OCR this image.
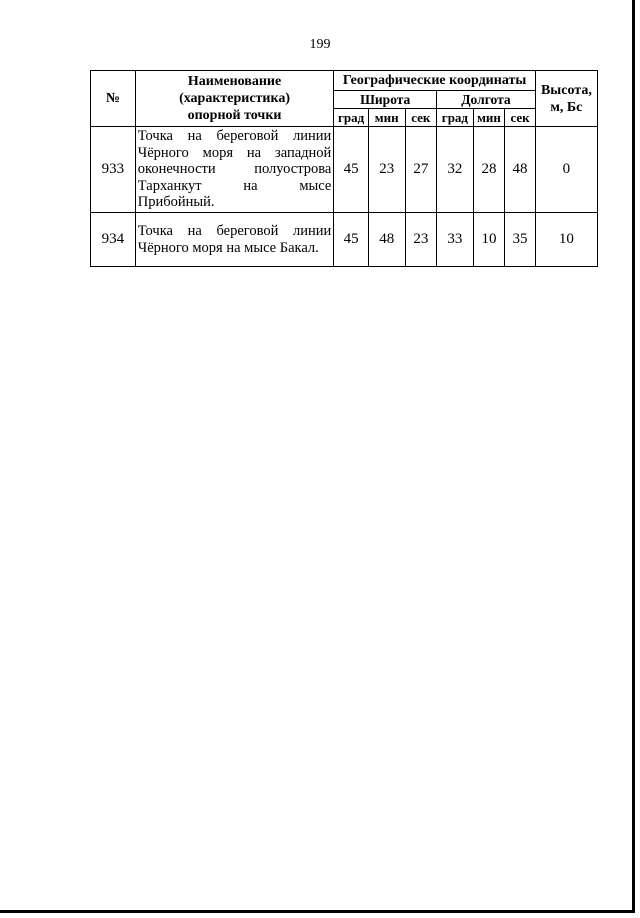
199
№	Наименование
(характеристика)
опорной точки	Географические координаты						Высота,
м, Бс
		Широта			Долгота			
		град	мин	сек	град	мин	сек	
933	Точка на береговой линии Чёрного моря на западной оконечности полуострова Тарханкут на мысе Прибойный.	45	23	27	32	28	48	0
934	Точка на береговой линии Чёрного моря на мысе Бакал.	45	48	23	33	10	35	10
